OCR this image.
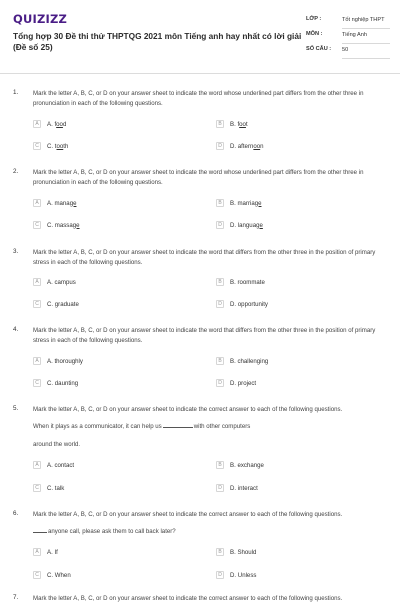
QUIZIZZ
Tổng hợp 30 Đề thi thử THPTQG 2021 môn Tiếng anh hay nhất có lời giải (Đề số 25)
LỚP :	Tốt nghiệp THPT
MÔN :	Tiếng Anh
SỐ CÂU :	50
1. Mark the letter A, B, C, or D on your answer sheet to indicate the word whose underlined part differs from the other three in pronunciation in each of the following questions.
A	A. food	B	B. foot
C	C. tooth	D	D. afternoon
2. Mark the letter A, B, C, or D on your answer sheet to indicate the word whose underlined part differs from the other three in pronunciation in each of the following questions.
A	A. manage	B	B. marriage
C	C. massage	D	D. language
3. Mark the letter A, B, C, or D on your answer sheet to indicate the word that differs from the other three in the position of primary stress in each of the following questions.
A	A. campus	B	B. roommate
C	C. graduate	D	D. opportunity
4. Mark the letter A, B, C, or D on your answer sheet to indicate the word that differs from the other three in the position of primary stress in each of the following questions.
A	A. thoroughly	B	B. challenging
C	C. daunting	D	D. project
5. Mark the letter A, B, C, or D on your answer sheet to indicate the correct answer to each of the following questions.
When it plays as a communicator, it can help us	with other computers
around the world.
A	A. contact	B	B. exchange
C	C. talk	D	D. interact
6. Mark the letter A, B, C, or D on your answer sheet to indicate the correct answer to each of the following questions.
anyone call, please ask them to call back later?
A	A. If	B	B. Should
C	C. When	D	D. Unless
7. Mark the letter A, B, C, or D on your answer sheet to indicate the correct answer to each of the following questions.
